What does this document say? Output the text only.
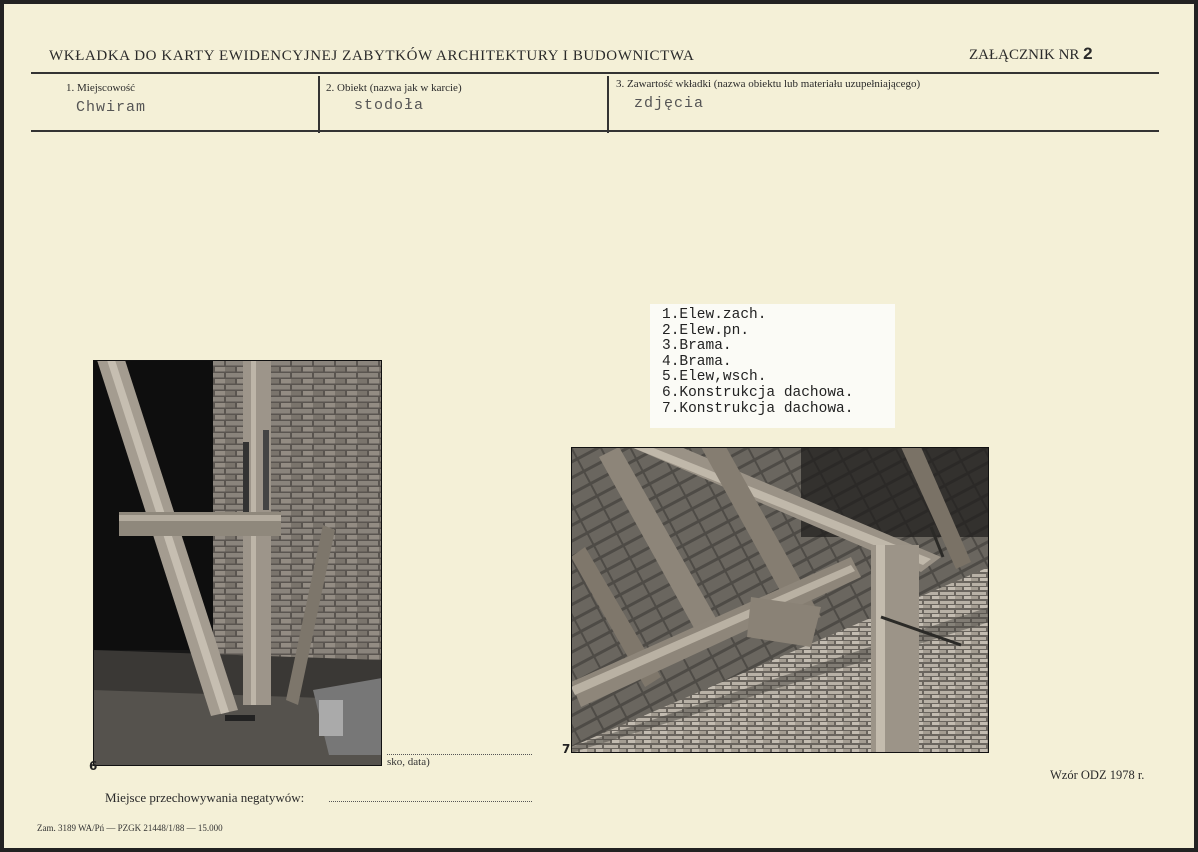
WKŁADKA DO KARTY EWIDENCYJNEJ ZABYTKÓW ARCHITEKTURY I BUDOWNICTWA	ZAŁĄCZNIK NR 2
1. Miejscowość
Chwiram
2. Obiekt (nazwa jak w karcie)
stodoła
3. Zawartość wkładki (nazwa obiektu lub materiału uzupełniającego)
zdjęcia
1.Elew.zach.
2.Elew.pn.
3.Brama.
4.Brama.
5.Elew,wsch.
6.Konstrukcja dachowa.
7.Konstrukcja dachowa.
6
7
sko, data)
Miejsce przechowywania negatywów:
Wzór ODZ 1978 r.
Zam. 3189 WA/Pń — PZGK 21448/1/88 — 15.000
